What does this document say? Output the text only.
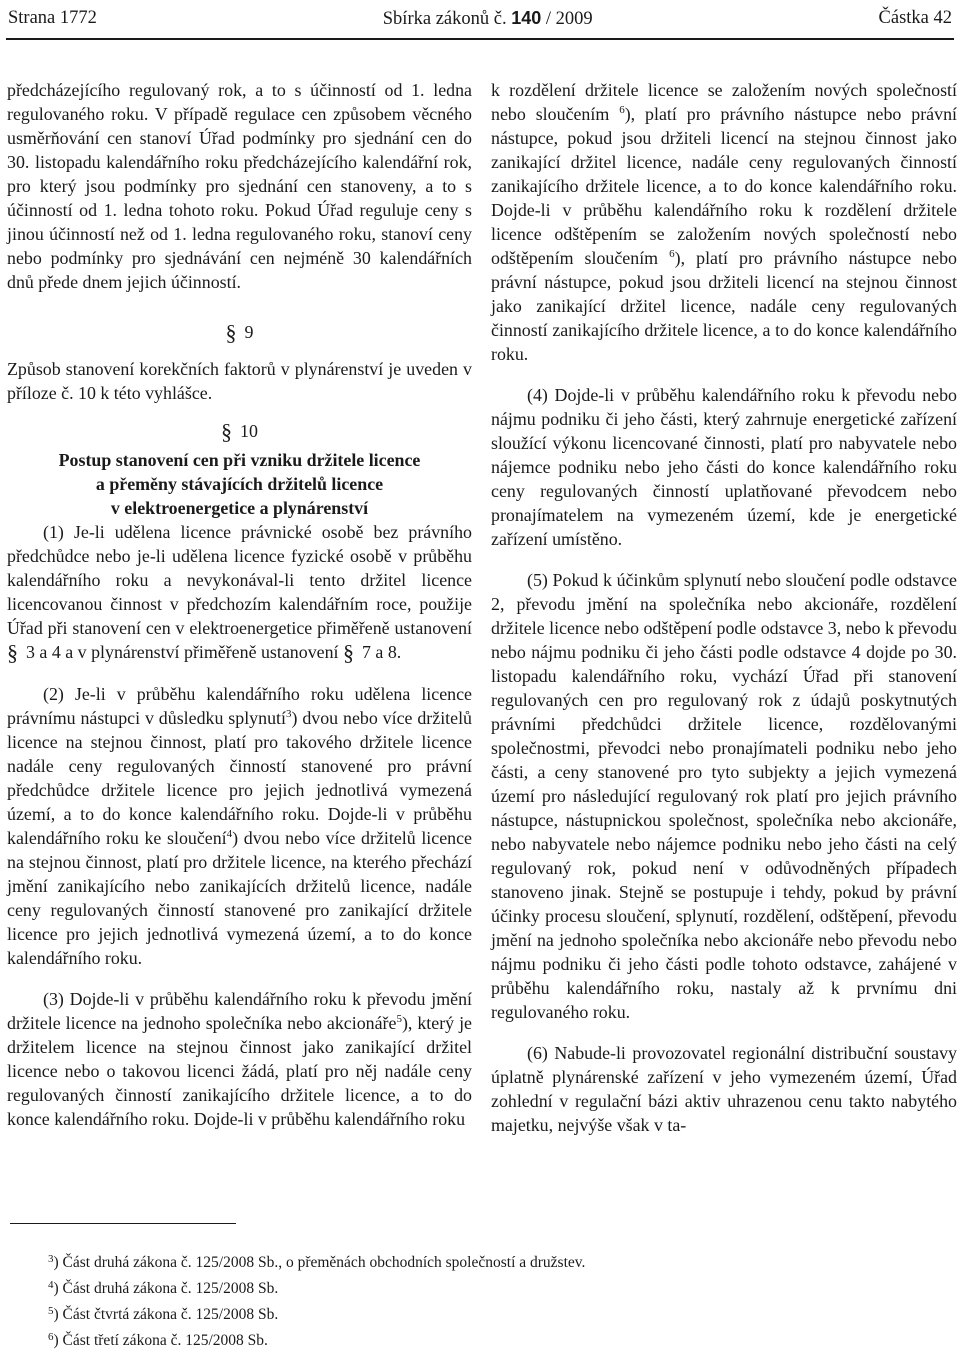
Strana 1772	Sbírka zákonů č. 140 / 2009	Částka 42

předcházejícího regulovaný rok, a to s účinností od 1. ledna regulovaného roku. V případě regulace cen způsobem věcného usměrňování cen stanoví Úřad podmínky pro sjednání cen do 30. listopadu kalendářního roku předcházejícího kalendářní rok, pro který jsou podmínky pro sjednání cen stanoveny, a to s účinností od 1. ledna tohoto roku. Pokud Úřad reguluje ceny s jinou účinností než od 1. ledna regulovaného roku, stanoví ceny nebo podmínky pro sjednávání cen nejméně 30 kalendářních dnů přede dnem jejich účinností.

§ 9

Způsob stanovení korekčních faktorů v plynárenství je uveden v příloze č. 10 k této vyhlášce.

§ 10

Postup stanovení cen při vzniku držitele licence
a přeměny stávajících držitelů licence
v elektroenergetice a plynárenství

(1) Je-li udělena licence právnické osobě bez právního předchůdce nebo je-li udělena licence fyzické osobě v průběhu kalendářního roku a nevykonával-li tento držitel licence licencovanou činnost v předchozím kalendářním roce, použije Úřad při stanovení cen v elektroenergetice přiměřeně ustanovení § 3 a 4 a v plynárenství přiměřeně ustanovení § 7 a 8.

(2) Je-li v průběhu kalendářního roku udělena licence právnímu nástupci v důsledku splynutí$^3$) dvou nebo více držitelů licence na stejnou činnost, platí pro takového držitele licence nadále ceny regulovaných činností stanovené pro právní předchůdce držitele licence pro jejich jednotlivá vymezená území, a to do konce kalendářního roku. Dojde-li v průběhu kalendářního roku ke sloučení$^4$) dvou nebo více držitelů licence na stejnou činnost, platí pro držitele licence, na kterého přechází jmění zanikajícího nebo zanikajících držitelů licence, nadále ceny regulovaných činností stanovené pro zanikající držitele licence pro jejich jednotlivá vymezená území, a to do konce kalendářního roku.

(3) Dojde-li v průběhu kalendářního roku k převodu jmění držitele licence na jednoho společníka nebo akcionáře$^5$), který je držitelem licence na stejnou činnost jako zanikající držitel licence nebo o takovou licenci žádá, platí pro něj nadále ceny regulovaných činností zanikajícího držitele licence, a to do konce kalendářního roku. Dojde-li v průběhu kalendářního roku

k rozdělení držitele licence se založením nových společností nebo sloučením $^6$), platí pro právního nástupce nebo právní nástupce, pokud jsou držiteli licencí na stejnou činnost jako zanikající držitel licence, nadále ceny regulovaných činností zanikajícího držitele licence, a to do konce kalendářního roku. Dojde-li v průběhu kalendářního roku k rozdělení držitele licence odštěpením se založením nových společností nebo odštěpením sloučením $^6$), platí pro právního nástupce nebo právní nástupce, pokud jsou držiteli licencí na stejnou činnost jako zanikající držitel licence, nadále ceny regulovaných činností zanikajícího držitele licence, a to do konce kalendářního roku.

(4) Dojde-li v průběhu kalendářního roku k převodu nebo nájmu podniku či jeho části, který zahrnuje energetické zařízení sloužící výkonu licencované činnosti, platí pro nabyvatele nebo nájemce podniku nebo jeho části do konce kalendářního roku ceny regulovaných činností uplatňované převodcem nebo pronajímatelem na vymezeném území, kde je energetické zařízení umístěno.

(5) Pokud k účinkům splynutí nebo sloučení podle odstavce 2, převodu jmění na společníka nebo akcionáře, rozdělení držitele licence nebo odštěpení podle odstavce 3, nebo k převodu nebo nájmu podniku či jeho části podle odstavce 4 dojde po 30. listopadu kalendářního roku, vychází Úřad při stanovení regulovaných cen pro regulovaný rok z údajů poskytnutých právními předchůdci držitele licence, rozdělovanými společnostmi, převodci nebo pronajímateli podniku nebo jeho části, a ceny stanovené pro tyto subjekty a jejich vymezená území pro následující regulovaný rok platí pro jejich právního nástupce, nástupnickou společnost, společníka nebo akcionáře, nebo nabyvatele nebo nájemce podniku nebo jeho části na celý regulovaný rok, pokud není v odůvodněných případech stanoveno jinak. Stejně se postupuje i tehdy, pokud by právní účinky procesu sloučení, splynutí, rozdělení, odštěpení, převodu jmění na jednoho společníka nebo akcionáře nebo převodu nebo nájmu podniku či jeho části podle tohoto odstavce, zahájené v průběhu kalendářního roku, nastaly až k prvnímu dni regulovaného roku.

(6) Nabude-li provozovatel regionální distribuční soustavy úplatně plynárenské zařízení v jeho vymezeném území, Úřad zohlední v regulační bázi aktiv uhrazenou cenu takto nabytého majetku, nejvýše však v ta-

$^3$) Část druhá zákona č. 125/2008 Sb., o přeměnách obchodních společností a družstev.
$^4$) Část druhá zákona č. 125/2008 Sb.
$^5$) Část čtvrtá zákona č. 125/2008 Sb.
$^6$) Část třetí zákona č. 125/2008 Sb.
